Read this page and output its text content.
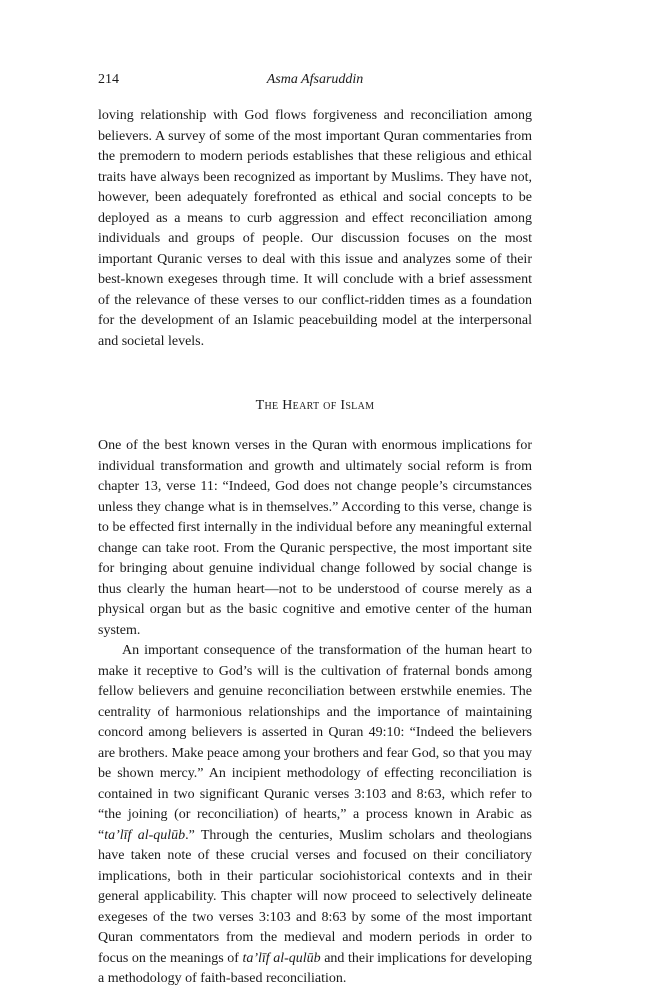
214	Asma Afsaruddin

loving relationship with God flows forgiveness and reconciliation among believers. A survey of some of the most important Quran commentaries from the premodern to modern periods establishes that these religious and ethical traits have always been recognized as important by Muslims. They have not, however, been adequately forefronted as ethical and social concepts to be deployed as a means to curb aggression and effect reconciliation among individuals and groups of people. Our discussion focuses on the most important Quranic verses to deal with this issue and analyzes some of their best-known exegeses through time. It will conclude with a brief assessment of the relevance of these verses to our conflict-ridden times as a foundation for the development of an Islamic peacebuilding model at the interpersonal and societal levels.

The Heart of Islam

One of the best known verses in the Quran with enormous implications for individual transformation and growth and ultimately social reform is from chapter 13, verse 11: “Indeed, God does not change people’s circumstances unless they change what is in themselves.” According to this verse, change is to be effected first internally in the individual before any meaningful external change can take root. From the Quranic perspective, the most important site for bringing about genuine individual change followed by social change is thus clearly the human heart—not to be understood of course merely as a physical organ but as the basic cognitive and emotive center of the human system.

An important consequence of the transformation of the human heart to make it receptive to God’s will is the cultivation of fraternal bonds among fellow believers and genuine reconciliation between erstwhile enemies. The centrality of harmonious relationships and the importance of maintaining concord among believers is asserted in Quran 49:10: “Indeed the believers are brothers. Make peace among your brothers and fear God, so that you may be shown mercy.” An incipient methodology of effecting reconciliation is contained in two significant Quranic verses 3:103 and 8:63, which refer to “the joining (or reconciliation) of hearts,” a process known in Arabic as “ta’līf al-qulūb.” Through the centuries, Muslim scholars and theologians have taken note of these crucial verses and focused on their conciliatory implications, both in their particular sociohistorical contexts and in their general applicability. This chapter will now proceed to selectively delineate exegeses of the two verses 3:103 and 8:63 by some of the most important Quran commentators from the medieval and modern periods in order to focus on the meanings of ta’līf al-qulūb and their implications for developing a methodology of faith-based reconciliation.
